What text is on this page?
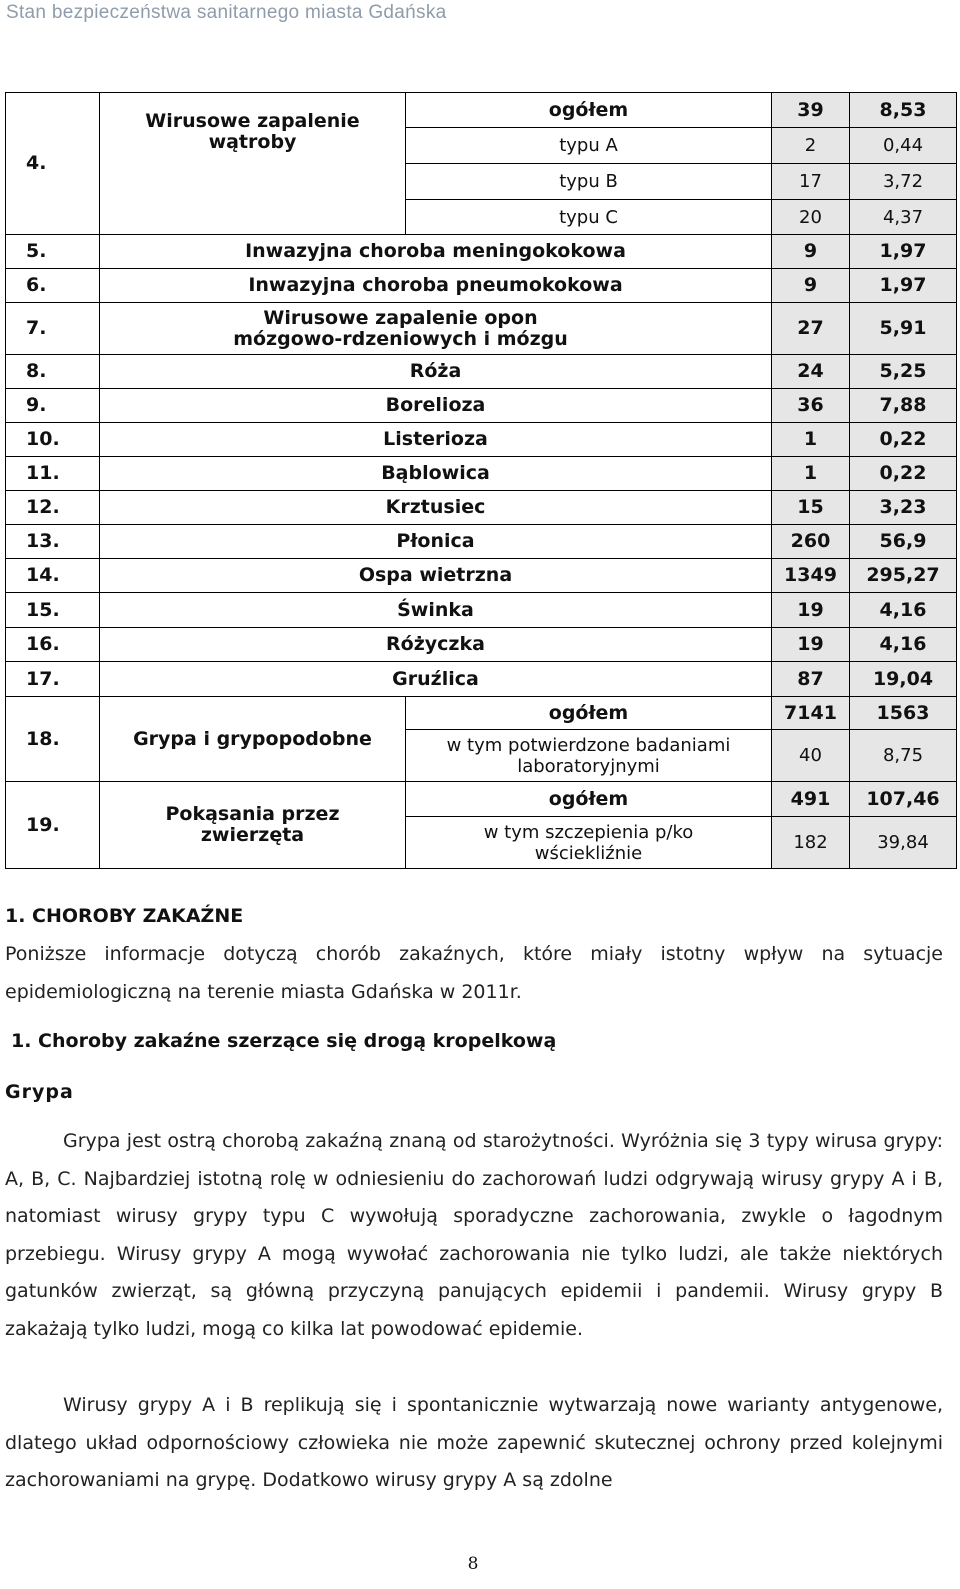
Stan bezpieczeństwa sanitarnego miasta Gdańska
4.	Wirusowe zapalenie wątroby	ogółem	39	8,53
		typu A	2	0,44
		typu B	17	3,72
		typu C	20	4,37
5.	Inwazyjna choroba meningokokowa		9	1,97
6.	Inwazyjna choroba pneumokokowa		9	1,97
7.	Wirusowe zapalenie opon mózgowo-rdzeniowych i mózgu		27	5,91
8.	Róża		24	5,25
9.	Borelioza		36	7,88
10.	Listerioza		1	0,22
11.	Bąblowica		1	0,22
12.	Krztusiec		15	3,23
13.	Płonica		260	56,9
14.	Ospa wietrzna		1349	295,27
15.	Świnka		19	4,16
16.	Różyczka		19	4,16
17.	Gruźlica		87	19,04
18.	Grypa i grypopodobne	ogółem	7141	1563
		w tym potwierdzone badaniami laboratoryjnymi	40	8,75
19.	Pokąsania przez zwierzęta	ogółem	491	107,46
		w tym szczepienia p/ko wściekliźnie	182	39,84
1. CHOROBY ZAKAŹNE
Poniższe informacje dotyczą chorób zakaźnych, które miały istotny wpływ na sytuacje epidemiologiczną na terenie miasta Gdańska w 2011r.
1. Choroby zakaźne szerzące się drogą kropelkową
Grypa
Grypa jest ostrą chorobą zakaźną znaną od starożytności. Wyróżnia się 3 typy wirusa grypy: A, B, C. Najbardziej istotną rolę w odniesieniu do zachorowań ludzi odgrywają wirusy grypy A i B, natomiast wirusy grypy typu C wywołują sporadyczne zachorowania, zwykle o łagodnym przebiegu. Wirusy grypy A mogą wywołać zachorowania nie tylko ludzi, ale także niektórych gatunków zwierząt, są główną przyczyną panujących epidemii i pandemii. Wirusy grypy B zakażają tylko ludzi, mogą co kilka lat powodować epidemie.
Wirusy grypy A i B replikują się i spontanicznie wytwarzają nowe warianty antygenowe, dlatego układ odpornościowy człowieka nie może zapewnić skutecznej ochrony przed kolejnymi zachorowaniami na grypę. Dodatkowo wirusy grypy A są zdolne
8
